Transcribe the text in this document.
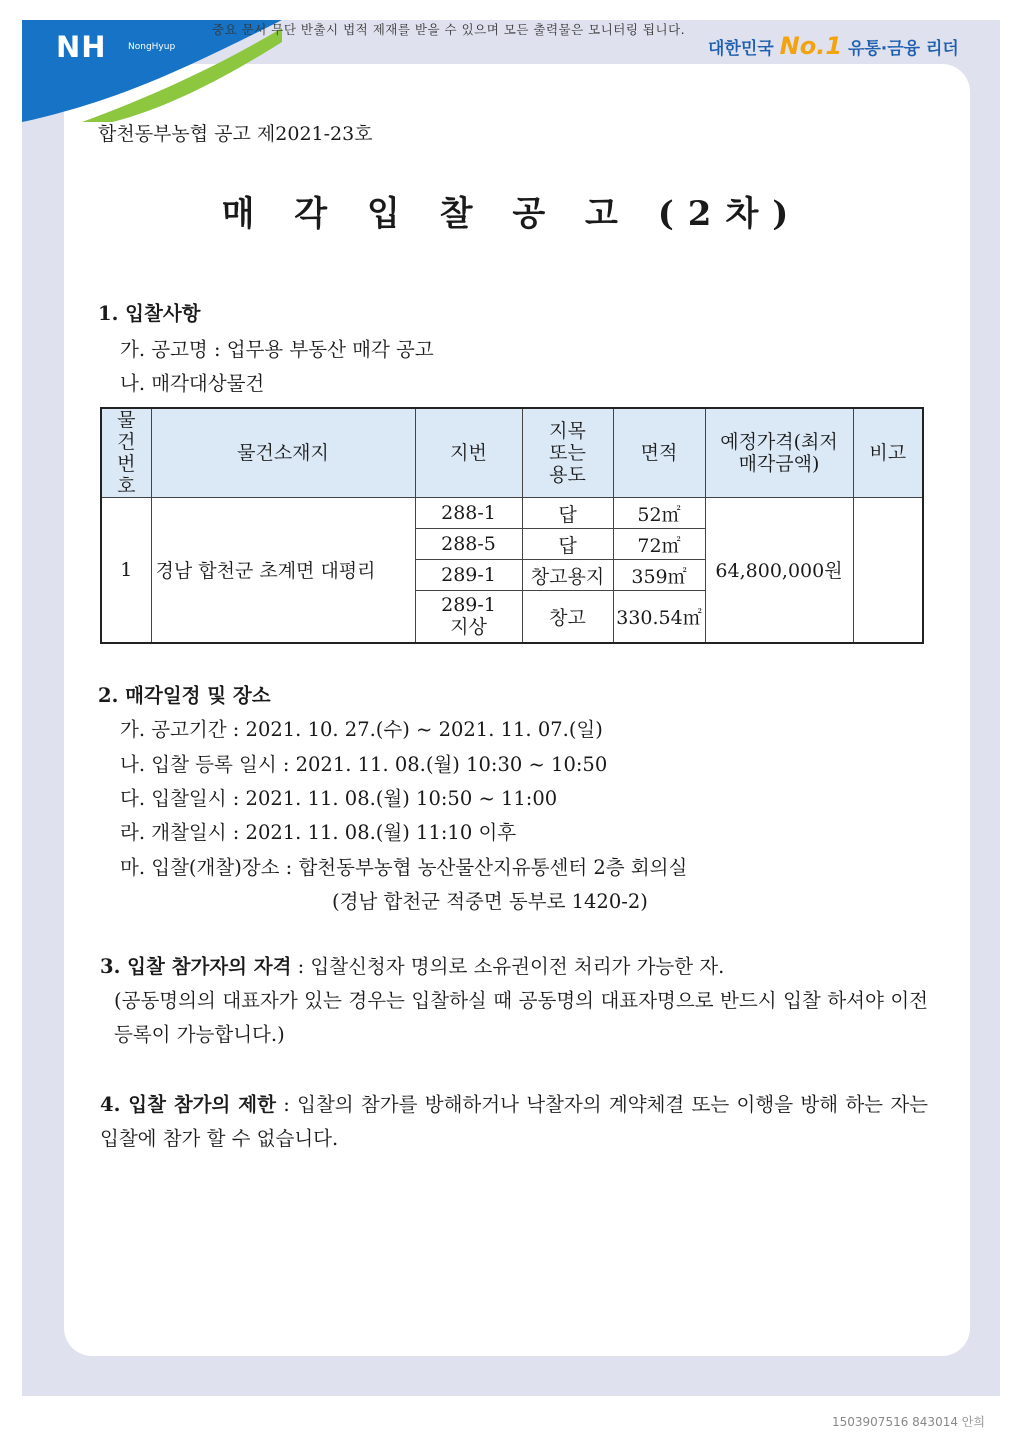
NH NongHyup
중요 문서 무단 반출시 법적 제재를 받을 수 있으며 모든 출력물은 모니터링 됩니다.
대한민국 No.1 유통·금융 리더
합천동부농협 공고 제2021-23호
매 각 입 찰 공 고 (2차)
1. 입찰사항
가. 공고명 : 업무용 부동산 매각 공고
나. 매각대상물건
물건번호	물건소재지	지번	지목또는용도	면적	예정가격(최저매각금액)	비고
1	경남 합천군 초계면 대평리	288-1	답	52㎡	64,800,000원	
		288-5	답	72㎡		
		289-1	창고용지	359㎡		
		289-1 지상	창고	330.54㎡		
2. 매각일정 및 장소
가. 공고기간 : 2021. 10. 27.(수) ~ 2021. 11. 07.(일)
나. 입찰 등록 일시 : 2021. 11. 08.(월) 10:30 ~ 10:50
다. 입찰일시 : 2021. 11. 08.(월) 10:50 ~ 11:00
라. 개찰일시 : 2021. 11. 08.(월) 11:10 이후
마. 입찰(개찰)장소 : 합천동부농협 농산물산지유통센터 2층 회의실
(경남 합천군 적중면 동부로 1420-2)
3. 입찰 참가자의 자격 : 입찰신청자 명의로 소유권이전 처리가 가능한 자.

(공동명의의 대표자가 있는 경우는 입찰하실 때 공동명의 대표자명으로 반드시 입찰 하셔야 이전 등록이 가능합니다.)
4. 입찰 참가의 제한 : 입찰의 참가를 방해하거나 낙찰자의 계약체결 또는 이행을 방해 하는 자는 입찰에 참가 할 수 없습니다.
1503907516 843014 안희
